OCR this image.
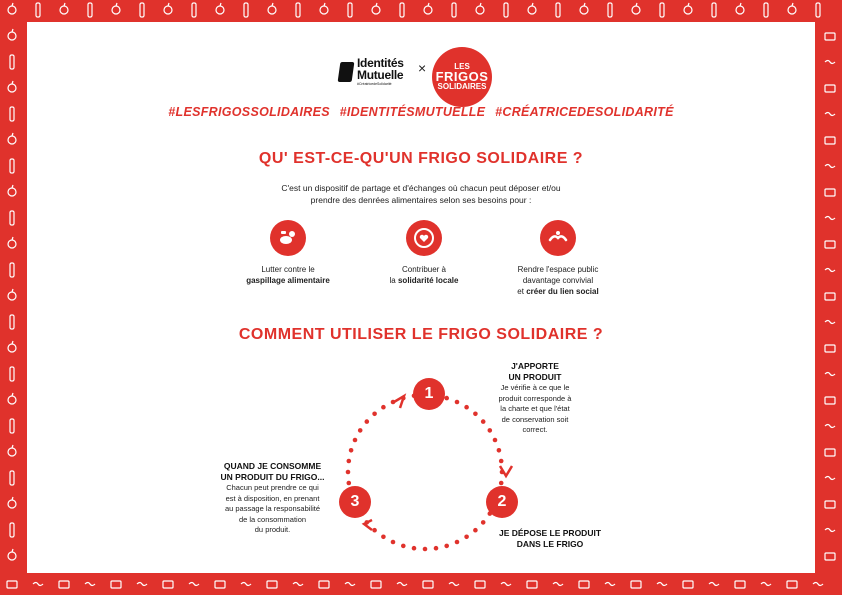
Identités
Mutuelle
#CréatricedeSolidarité
×	LES
FRIGOS
SOLIDAIRES
#LESFRIGOSSOLIDAIRES #IDENTITÉSMUTUELLE #CRÉATRICEDESOLIDARITÉ
QU' EST-CE-QU'UN FRIGO SOLIDAIRE ?
C'est un dispositif de partage et d'échanges où chacun peut déposer et/ou
prendre des denrées alimentaires selon ses besoins pour :
Lutter contre le
gaspillage alimentaire
Contribuer à
la solidarité locale
Rendre l'espace public
davantage convivial
et créer du lien social
COMMENT UTILISER LE FRIGO SOLIDAIRE ?
1
2
3
J'APPORTE
UN PRODUIT
Je vérifie à ce que le
produit corresponde à
la charte et que l'état
de conservation soit
correct.
JE DÉPOSE LE PRODUIT
DANS LE FRIGO
QUAND JE CONSOMME
UN PRODUIT DU FRIGO...
Chacun peut prendre ce qui
est à disposition, en prenant
au passage la responsabilité
de la consommation
du produit.
